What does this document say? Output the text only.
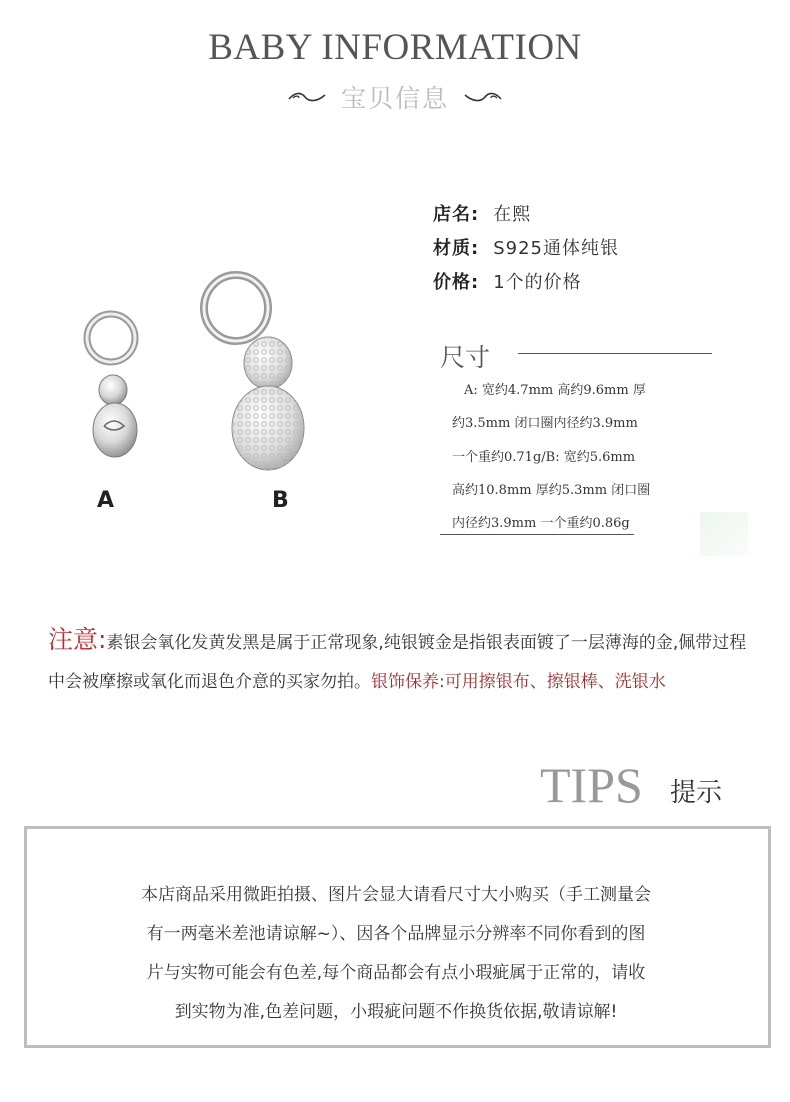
BABY INFORMATION
宝贝信息
A	B
店名: 在熙
材质: S925通体纯银
价格: 1个的价格
尺寸
A: 宽约4.7mm 高约9.6mm 厚
约3.5mm 闭口圈内径约3.9mm
一个重约0.71g/B: 宽约5.6mm
高约10.8mm 厚约5.3mm 闭口圈
内径约3.9mm 一个重约0.86g
注意:素银会氧化发黄发黑是属于正常现象,纯银镀金是指银表面镀了一层薄海的金,佩带过程中会被摩擦或氧化而退色介意的买家勿拍。银饰保养:可用擦银布、擦银棒、洗银水
TIPS 提示
本店商品采用微距拍摄、图片会显大请看尺寸大小购买（手工测量会
有一两毫米差池请谅解~）、因各个品牌显示分辨率不同你看到的图
片与实物可能会有色差,每个商品都会有点小瑕疵属于正常的，请收
到实物为准,色差问题，小瑕疵问题不作换货依据,敬请谅解!
